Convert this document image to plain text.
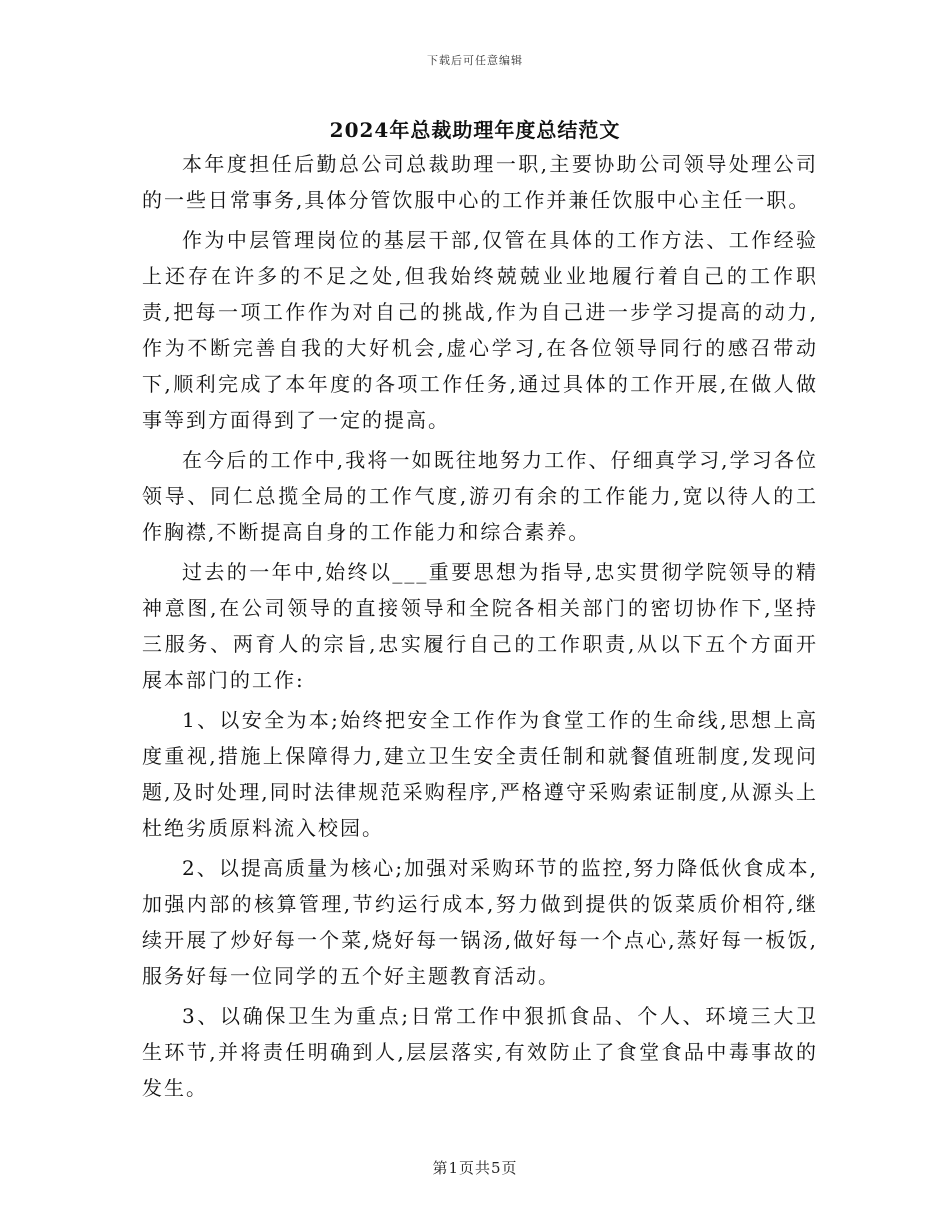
下载后可任意编辑
2024年总裁助理年度总结范文

本年度担任后勤总公司总裁助理一职,主要协助公司领导处理公司的一些日常事务,具体分管饮服中心的工作并兼任饮服中心主任一职。

作为中层管理岗位的基层干部,仅管在具体的工作方法、工作经验上还存在许多的不足之处,但我始终兢兢业业地履行着自己的工作职责,把每一项工作作为对自己的挑战,作为自己进一步学习提高的动力,作为不断完善自我的大好机会,虚心学习,在各位领导同行的感召带动下,顺利完成了本年度的各项工作任务,通过具体的工作开展,在做人做事等到方面得到了一定的提高。

在今后的工作中,我将一如既往地努力工作、仔细真学习,学习各位领导、同仁总揽全局的工作气度,游刃有余的工作能力,宽以待人的工作胸襟,不断提高自身的工作能力和综合素养。

过去的一年中,始终以___重要思想为指导,忠实贯彻学院领导的精神意图,在公司领导的直接领导和全院各相关部门的密切协作下,坚持三服务、两育人的宗旨,忠实履行自己的工作职责,从以下五个方面开展本部门的工作:

1、以安全为本;始终把安全工作作为食堂工作的生命线,思想上高度重视,措施上保障得力,建立卫生安全责任制和就餐值班制度,发现问题,及时处理,同时法律规范采购程序,严格遵守采购索证制度,从源头上杜绝劣质原料流入校园。

2、以提高质量为核心;加强对采购环节的监控,努力降低伙食成本,加强内部的核算管理,节约运行成本,努力做到提供的饭菜质价相符,继续开展了炒好每一个菜,烧好每一锅汤,做好每一个点心,蒸好每一板饭,服务好每一位同学的五个好主题教育活动。

3、以确保卫生为重点;日常工作中狠抓食品、个人、环境三大卫生环节,并将责任明确到人,层层落实,有效防止了食堂食品中毒事故的发生。

第1页共5页
